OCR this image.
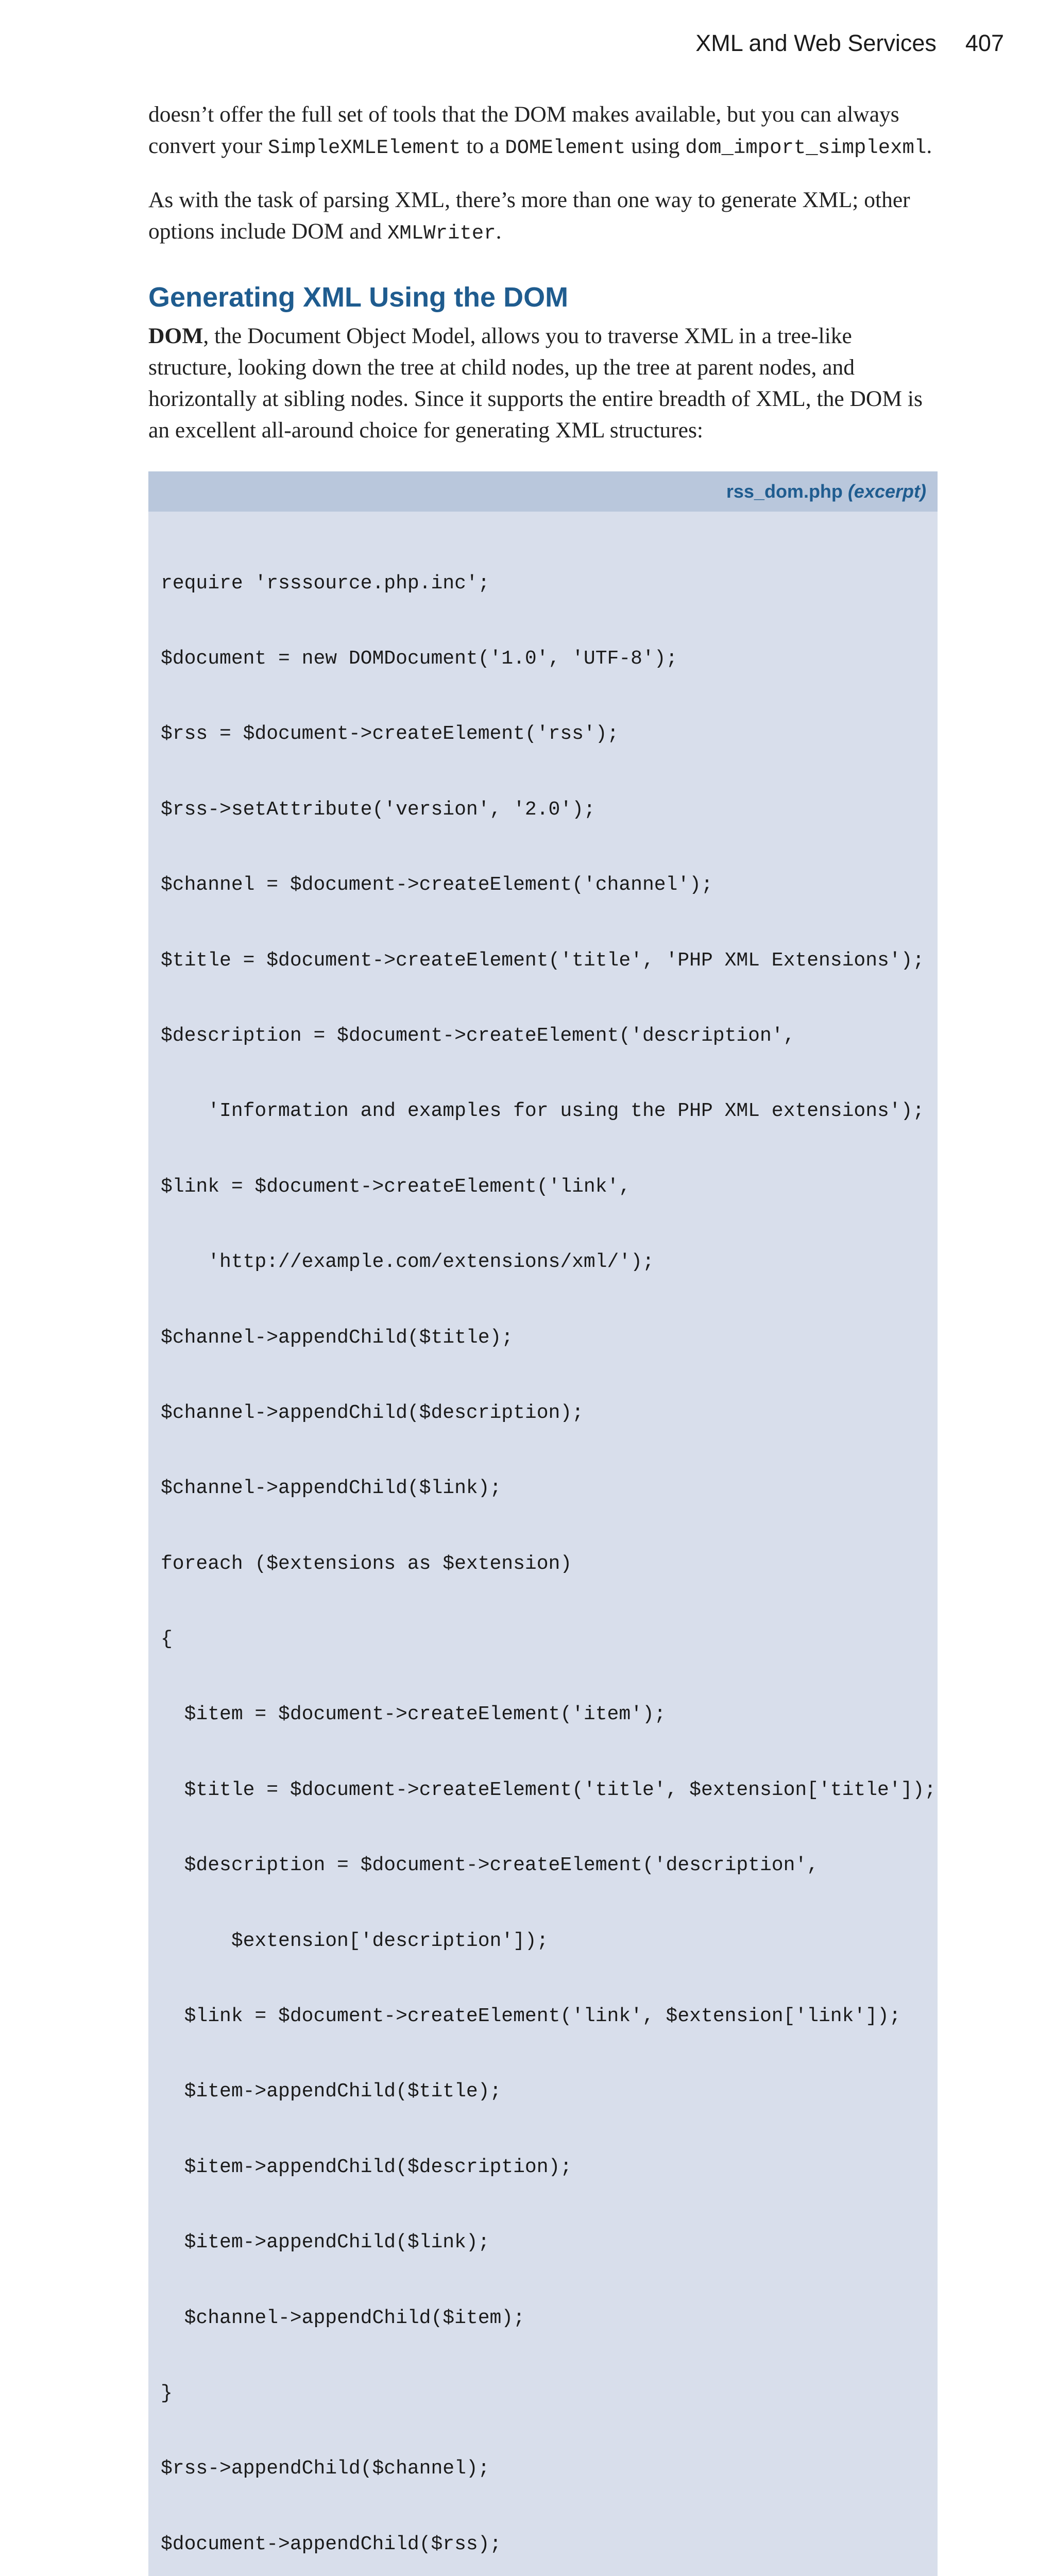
XML and Web Services 407

doesn’t offer the full set of tools that the DOM makes available, but you can always convert your SimpleXMLElement to a DOMElement using dom_import_simplexml.

As with the task of parsing XML, there’s more than one way to generate XML; other options include DOM and XMLWriter.

Generating XML Using the DOM

DOM, the Document Object Model, allows you to traverse XML in a tree-like structure, looking down the tree at child nodes, up the tree at parent nodes, and horizontally at sibling nodes. Since it supports the entire breadth of XML, the DOM is an excellent all-around choice for generating XML structures:

rss_dom.php (excerpt)

require 'rsssource.php.inc';

$document = new DOMDocument('1.0', 'UTF-8');

$rss = $document->createElement('rss');

$rss->setAttribute('version', '2.0');

$channel = $document->createElement('channel');

$title = $document->createElement('title', 'PHP XML Extensions');

$description = $document->createElement('description',

'Information and examples for using the PHP XML extensions');

$link = $document->createElement('link',

'http://example.com/extensions/xml/');

$channel->appendChild($title);

$channel->appendChild($description);

$channel->appendChild($link);

foreach ($extensions as $extension)

{

$item = $document->createElement('item');

$title = $document->createElement('title', $extension['title']);

$description = $document->createElement('description',

$extension['description']);

$link = $document->createElement('link', $extension['link']);

$item->appendChild($title);

$item->appendChild($description);

$item->appendChild($link);

$channel->appendChild($item);

}

$rss->appendChild($channel);

$document->appendChild($rss);
